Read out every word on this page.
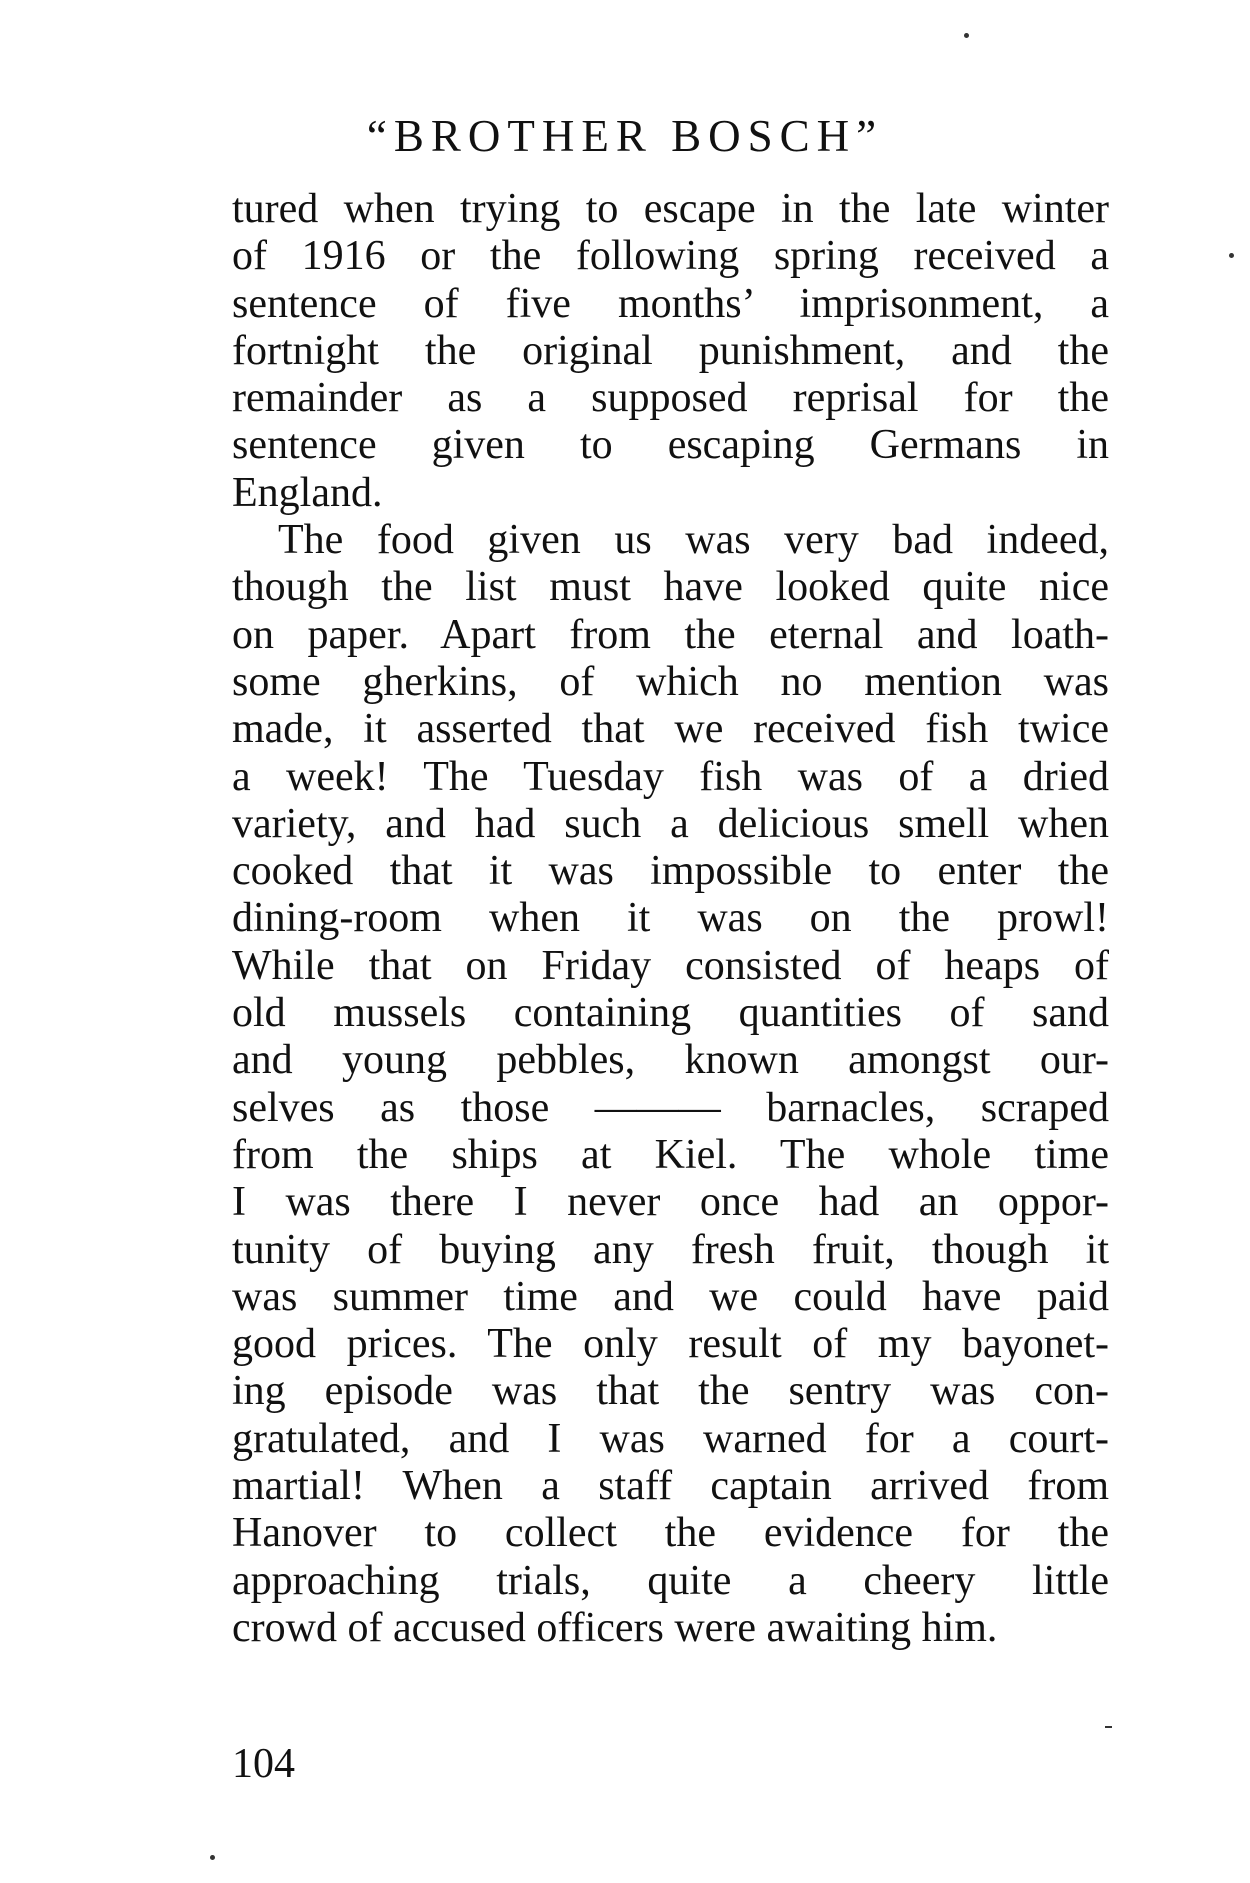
“BROTHER BOSCH”
tured when trying to escape in the late winter
of 1916 or the following spring received a
sentence of five months’ imprisonment, a
fortnight the original punishment, and the
remainder as a supposed reprisal for the
sentence given to escaping Germans in
England.
The food given us was very bad indeed,
though the list must have looked quite nice
on paper. Apart from the eternal and loath-
some gherkins, of which no mention was
made, it asserted that we received fish twice
a week! The Tuesday fish was of a dried
variety, and had such a delicious smell when
cooked that it was impossible to enter the
dining-room when it was on the prowl!
While that on Friday consisted of heaps of
old mussels containing quantities of sand
and young pebbles, known amongst our-
selves as those ——— barnacles, scraped
from the ships at Kiel. The whole time
I was there I never once had an oppor-
tunity of buying any fresh fruit, though it
was summer time and we could have paid
good prices. The only result of my bayonet-
ing episode was that the sentry was con-
gratulated, and I was warned for a court-
martial! When a staff captain arrived from
Hanover to collect the evidence for the
approaching trials, quite a cheery little
crowd of accused officers were awaiting him.
104
